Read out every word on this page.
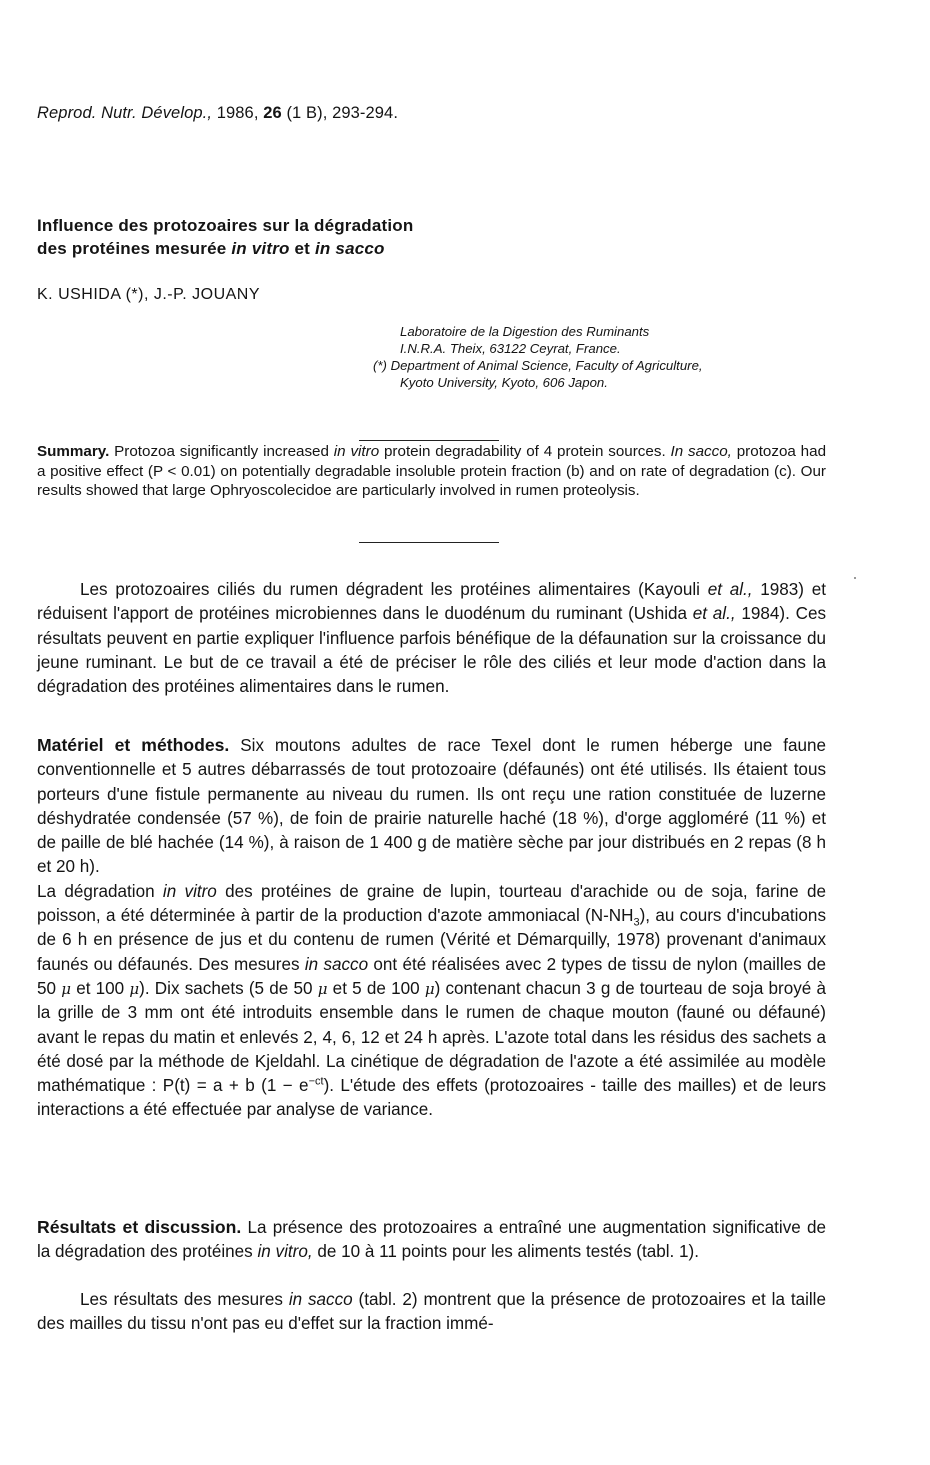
Reprod. Nutr. Dévelop., 1986, 26 (1 B), 293-294.
Influence des protozoaires sur la dégradation
des protéines mesurée in vitro et in sacco
K. USHIDA (*), J.-P. JOUANY
Laboratoire de la Digestion des Ruminants
I.N.R.A. Theix, 63122 Ceyrat, France.
(*) Department of Animal Science, Faculty of Agriculture,
Kyoto University, Kyoto, 606 Japon.
Summary. Protozoa significantly increased in vitro protein degradability of 4 protein sources. In sacco, protozoa had a positive effect (P < 0.01) on potentially degradable insoluble protein fraction (b) and on rate of degradation (c). Our results showed that large Ophryoscolecidoe are particularly involved in rumen proteolysis.
Les protozoaires ciliés du rumen dégradent les protéines alimentaires (Kayouli et al., 1983) et réduisent l'apport de protéines microbiennes dans le duodénum du ruminant (Ushida et al., 1984). Ces résultats peuvent en partie expliquer l'influence parfois bénéfique de la défaunation sur la croissance du jeune ruminant. Le but de ce travail a été de préciser le rôle des ciliés et leur mode d'action dans la dégradation des protéines alimentaires dans le rumen.

Matériel et méthodes. Six moutons adultes de race Texel dont le rumen héberge une faune conventionnelle et 5 autres débarrassés de tout protozoaire (défaunés) ont été utilisés. Ils étaient tous porteurs d'une fistule permanente au niveau du rumen. Ils ont reçu une ration constituée de luzerne déshydratée condensée (57 %), de foin de prairie naturelle haché (18 %), d'orge aggloméré (11 %) et de paille de blé hachée (14 %), à raison de 1 400 g de matière sèche par jour distribués en 2 repas (8 h et 20 h).

La dégradation in vitro des protéines de graine de lupin, tourteau d'arachide ou de soja, farine de poisson, a été déterminée à partir de la production d'azote ammoniacal $(N-NH_3)$, au cours d'incubations de 6 h en présence de jus et du contenu de rumen (Vérité et Démarquilly, 1978) provenant d'animaux faunés ou défaunés. Des mesures in sacco ont été réalisées avec 2 types de tissu de nylon (mailles de 50 μ et 100 μ). Dix sachets (5 de 50 μ et 5 de 100 μ) contenant chacun 3 g de tourteau de soja broyé à la grille de 3 mm ont été introduits ensemble dans le rumen de chaque mouton (fauné ou défauné) avant le repas du matin et enlevés 2, 4, 6, 12 et 24 h après. L'azote total dans les résidus des sachets a été dosé par la méthode de Kjeldahl. La cinétique de dégradation de l'azote a été assimilée au modèle mathématique : P(t) = a + b $(1 - e^{-ct})$. L'étude des effets (protozoaires - taille des mailles) et de leurs interactions a été effectuée par analyse de variance.

Résultats et discussion. La présence des protozoaires a entraîné une augmentation significative de la dégradation des protéines in vitro, de 10 à 11 points pour les aliments testés (tabl. 1).
Les résultats des mesures in sacco (tabl. 2) montrent que la présence de protozoaires et la taille des mailles du tissu n'ont pas eu d'effet sur la fraction immé-
